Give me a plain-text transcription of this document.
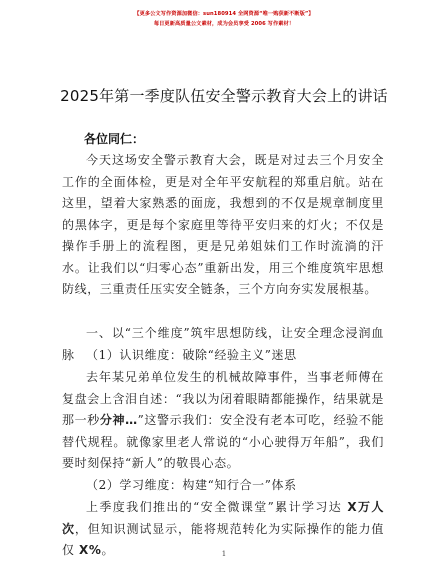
【更多公文写作资源加微信：sun180914 全网资源“唯一购获新不断版”】
每日更新高质量公文素材，成为会员享受 2006 写作素材！
2025年第一季度队伍安全警示教育大会上的讲话
各位同仁：

今天这场安全警示教育大会，既是对过去三个月安全工作的全面体检，更是对全年平安航程的郑重启航。站在这里，望着大家熟悉的面庞，我想到的不仅是规章制度里的黑体字，更是每个家庭里等待平安归来的灯火；不仅是操作手册上的流程图，更是兄弟姐妹们工作时流淌的汗水。让我们以“归零心态”重新出发，用三个维度筑牢思想防线，三重责任压实安全链条，三个方向夯实发展根基。

一、以“三个维度”筑牢思想防线，让安全理念浸润血脉 （1）认识维度：破除“经验主义”迷思

去年某兄弟单位发生的机械故障事件，当事老师傅在复盘会上含泪自述：“我以为闭着眼睛都能操作，结果就是那一秒分神…”这警示我们：安全没有老本可吃，经验不能替代规程。就像家里老人常说的“小心驶得万年船”，我们要时刻保持“新人”的敬畏心态。

（2）学习维度：构建“知行合一”体系

上季度我们推出的“安全微课堂”累计学习达 X万人次，但知识测试显示，能将规范转化为实际操作的能力值仅 X%。	1
